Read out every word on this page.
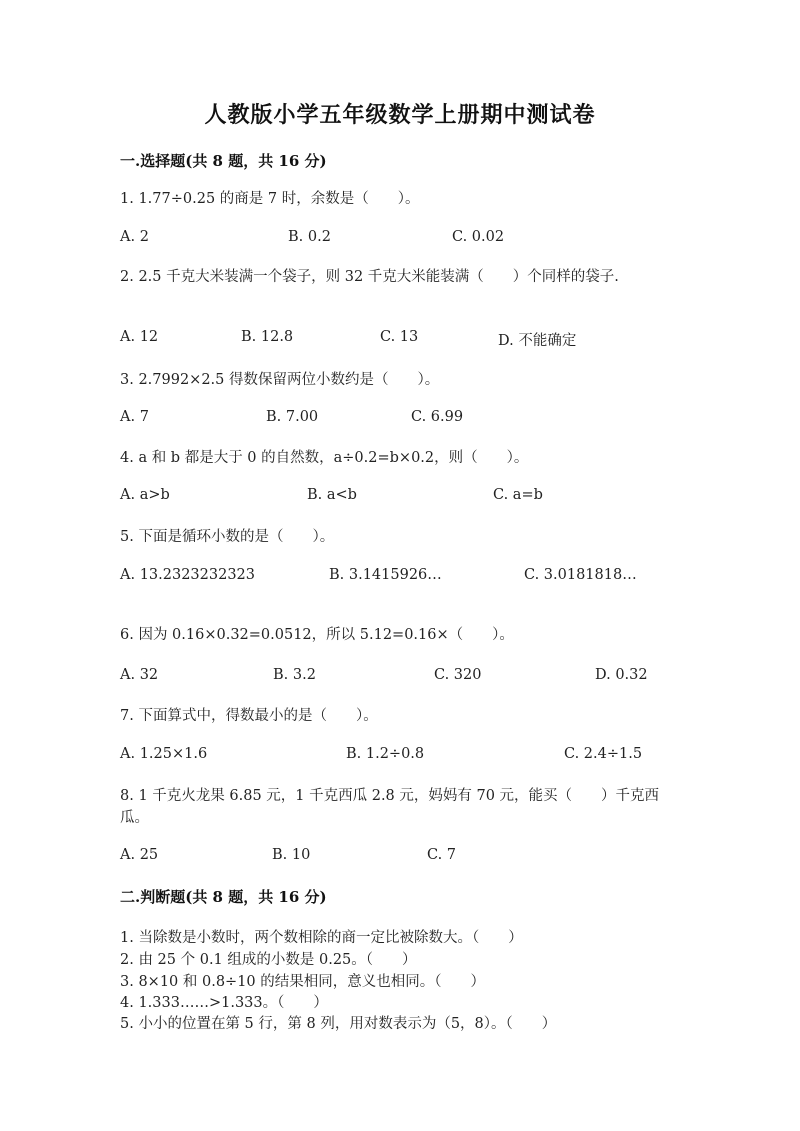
人教版小学五年级数学上册期中测试卷
一.选择题(共 8 题，共 16 分)
1. 1.77÷0.25 的商是 7 时，余数是（　　）。
A. 2	B. 0.2	C. 0.02
2. 2.5 千克大米装满一个袋子，则 32 千克大米能装满（　　）个同样的袋子.
A. 12	B. 12.8	C. 13	D. 不能确定
3. 2.7992×2.5 得数保留两位小数约是（　　）。
A. 7	B. 7.00	C. 6.99
4. a 和 b 都是大于 0 的自然数，a÷0.2=b×0.2，则（　　）。
A. a>b	B. a<b	C. a=b
5. 下面是循环小数的是（　　）。
A. 13.2323232323	B. 3.1415926…	C. 3.0181818…
6. 因为 0.16×0.32=0.0512，所以 5.12=0.16×（　　）。
A. 32	B. 3.2	C. 320	D. 0.32
7. 下面算式中，得数最小的是（　　）。
A. 1.25×1.6	B. 1.2÷0.8	C. 2.4÷1.5
8. 1 千克火龙果 6.85 元，1 千克西瓜 2.8 元，妈妈有 70 元，能买（　　）千克西瓜。
A. 25	B. 10	C. 7
二.判断题(共 8 题，共 16 分)
1. 当除数是小数时，两个数相除的商一定比被除数大。（　　）
2. 由 25 个 0.1 组成的小数是 0.25。（　　）
3. 8×10 和 0.8÷10 的结果相同，意义也相同。（　　）
4. 1.333……>1.333。（　　）
5. 小小的位置在第 5 行，第 8 列，用对数表示为（5，8）。（　　）
